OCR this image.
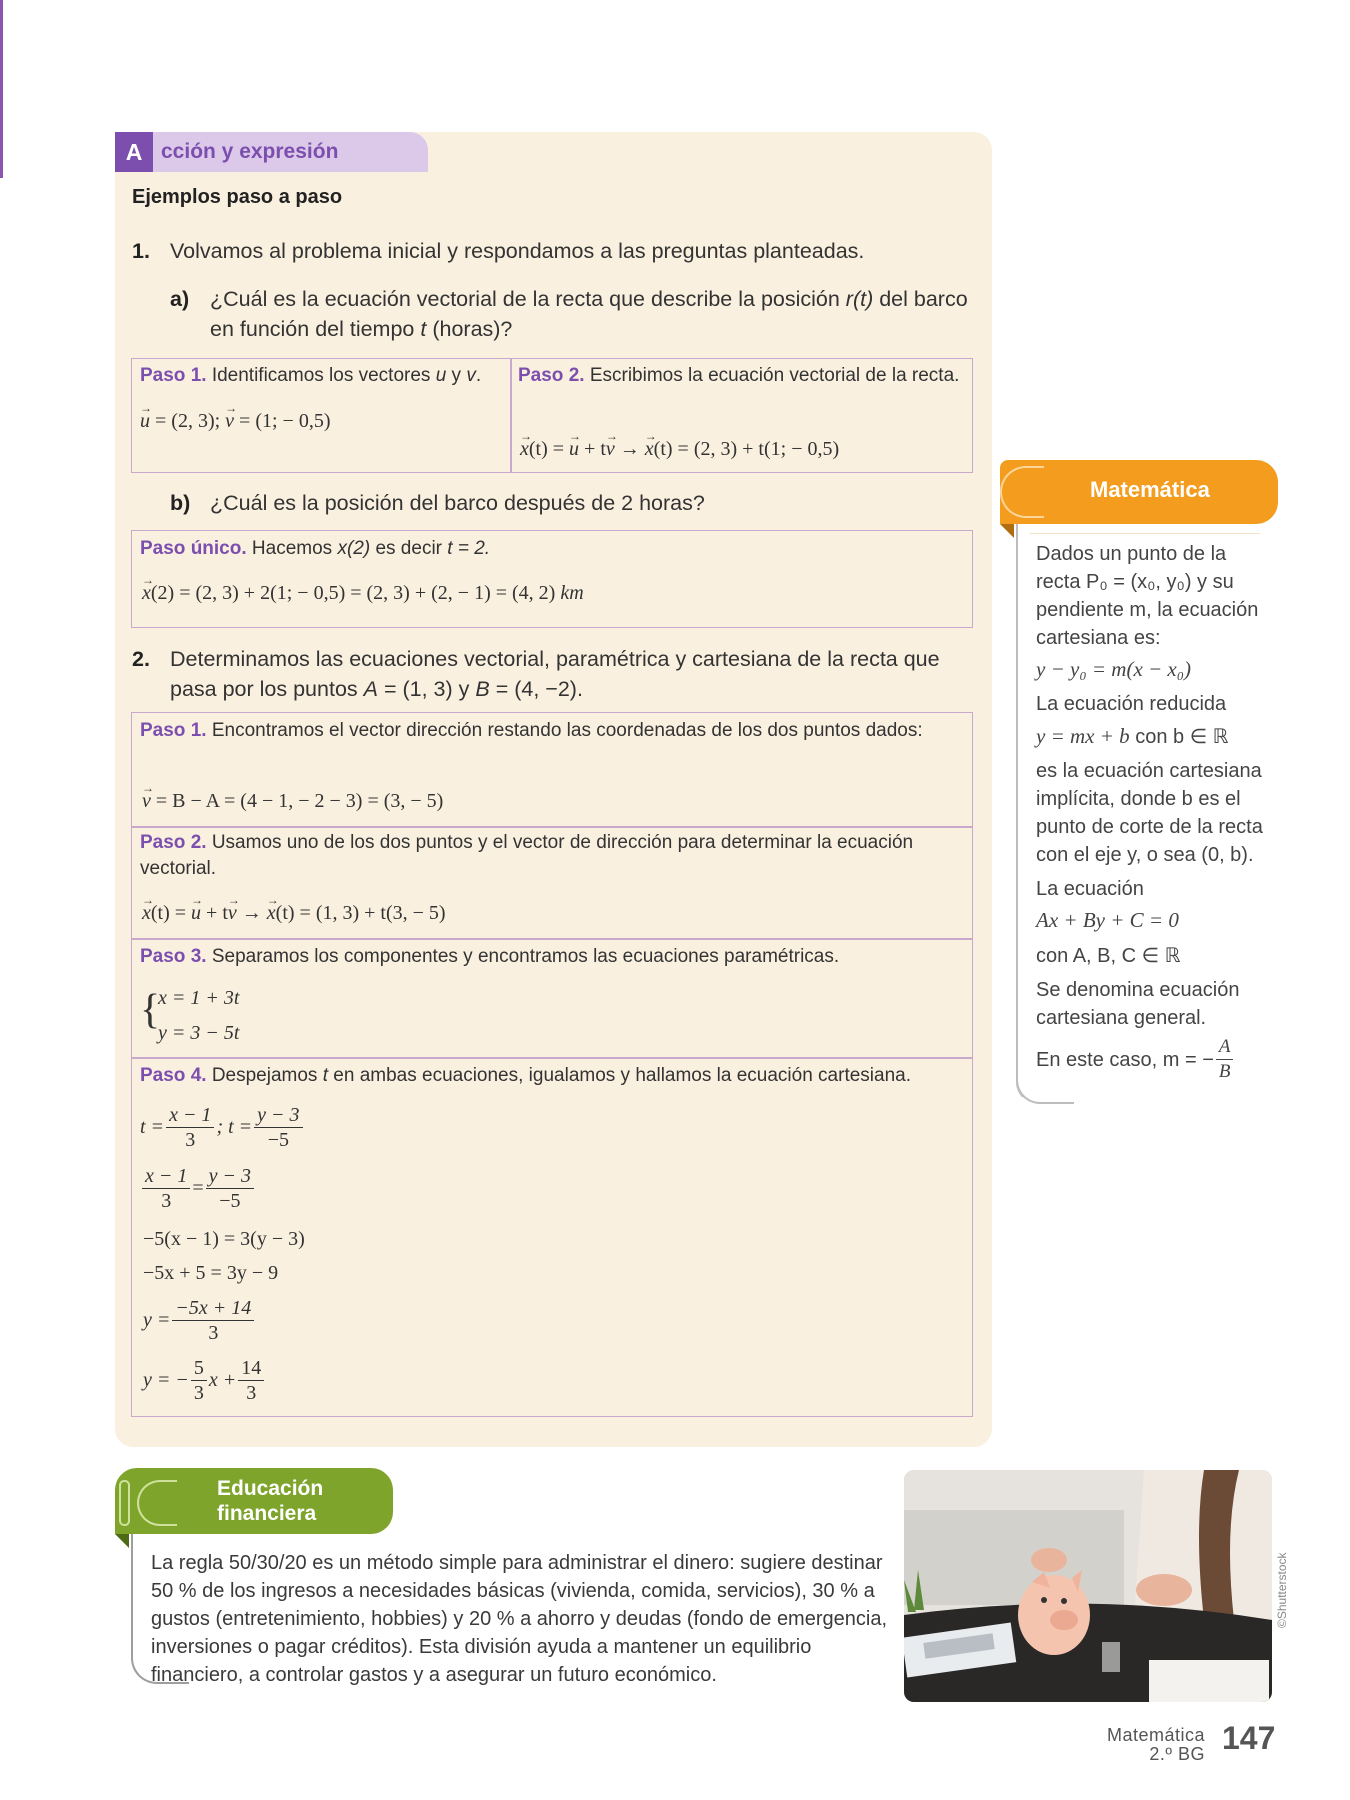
A cción y expresión
Ejemplos paso a paso
1. Volvamos al problema inicial y respondamos a las preguntas planteadas.
a) ¿Cuál es la ecuación vectorial de la recta que describe la posición r(t) del barco
en función del tiempo t (horas)?
Paso 1. Identificamos los vectores u y v.
→ u = (2, 3); → v = (1; − 0,5)
Paso 2. Escribimos la ecuación vectorial de la recta.
→ x(t) = → u + t→ v → → x(t) = (2, 3) + t(1; − 0,5)
b) ¿Cuál es la posición del barco después de 2 horas?
Paso único. Hacemos x(2) es decir t = 2.
→ x(2) = (2, 3) + 2(1; − 0,5) = (2, 3) + (2, − 1) = (4, 2) km
2. Determinamos las ecuaciones vectorial, paramétrica y cartesiana de la recta que
pasa por los puntos A = (1, 3) y B = (4, −2).
Paso 1. Encontramos el vector dirección restando las coordenadas de los dos puntos dados:
→ v = B − A = (4 − 1, − 2 − 3) = (3, − 5)
Paso 2. Usamos uno de los dos puntos y el vector de dirección para determinar la ecuación vectorial.
→ x(t) = → u + t→ v → → x(t) = (1, 3) + t(3, − 5)
Paso 3. Separamos los componentes y encontramos las ecuaciones paramétricas.
{
x = 1 + 3t
y = 3 − 5t
Paso 4. Despejamos t en ambas ecuaciones, igualamos y hallamos la ecuación cartesiana.
$t = \frac{x - 1}{3}$ ; $t = \frac{y - 3}{-5}$
$\frac{x - 1}{3} = \frac{y - 3}{-5}$
−5(x − 1) = 3(y − 3)
−5x + 5 = 3y − 9
$y = \frac{-5x + 14}{3}$
y = − $\frac{5}{3}$ $x + \frac{14}{3}$
Matemática
Dados un punto de la recta P₀ = (x₀, y₀) y su pendiente m, la ecuación cartesiana es:
y − y₀ = m(x − x₀)
La ecuación reducida
y = mx + b con b ∈ ℝ
es la ecuación cartesiana implícita, donde b es el punto de corte de la recta con el eje y, o sea (0, b).
La ecuación
Ax + By + C = 0
con A, B, C ∈ ℝ
Se denomina ecuación cartesiana general.
En este caso, m = − $\frac{A}{B}$
Educación
financiera
La regla 50/30/20 es un método simple para administrar el dinero: sugiere destinar 50 % de los ingresos a necesidades básicas (vivienda, comida, servicios), 30 % a gustos (entretenimiento, hobbies) y 20 % a ahorro y deudas (fondo de emergencia, inversiones o pagar créditos). Esta división ayuda a mantener un equilibrio financiero, a controlar gastos y a asegurar un futuro económico.
©Shutterstock
Matemática
2.º BG 147
